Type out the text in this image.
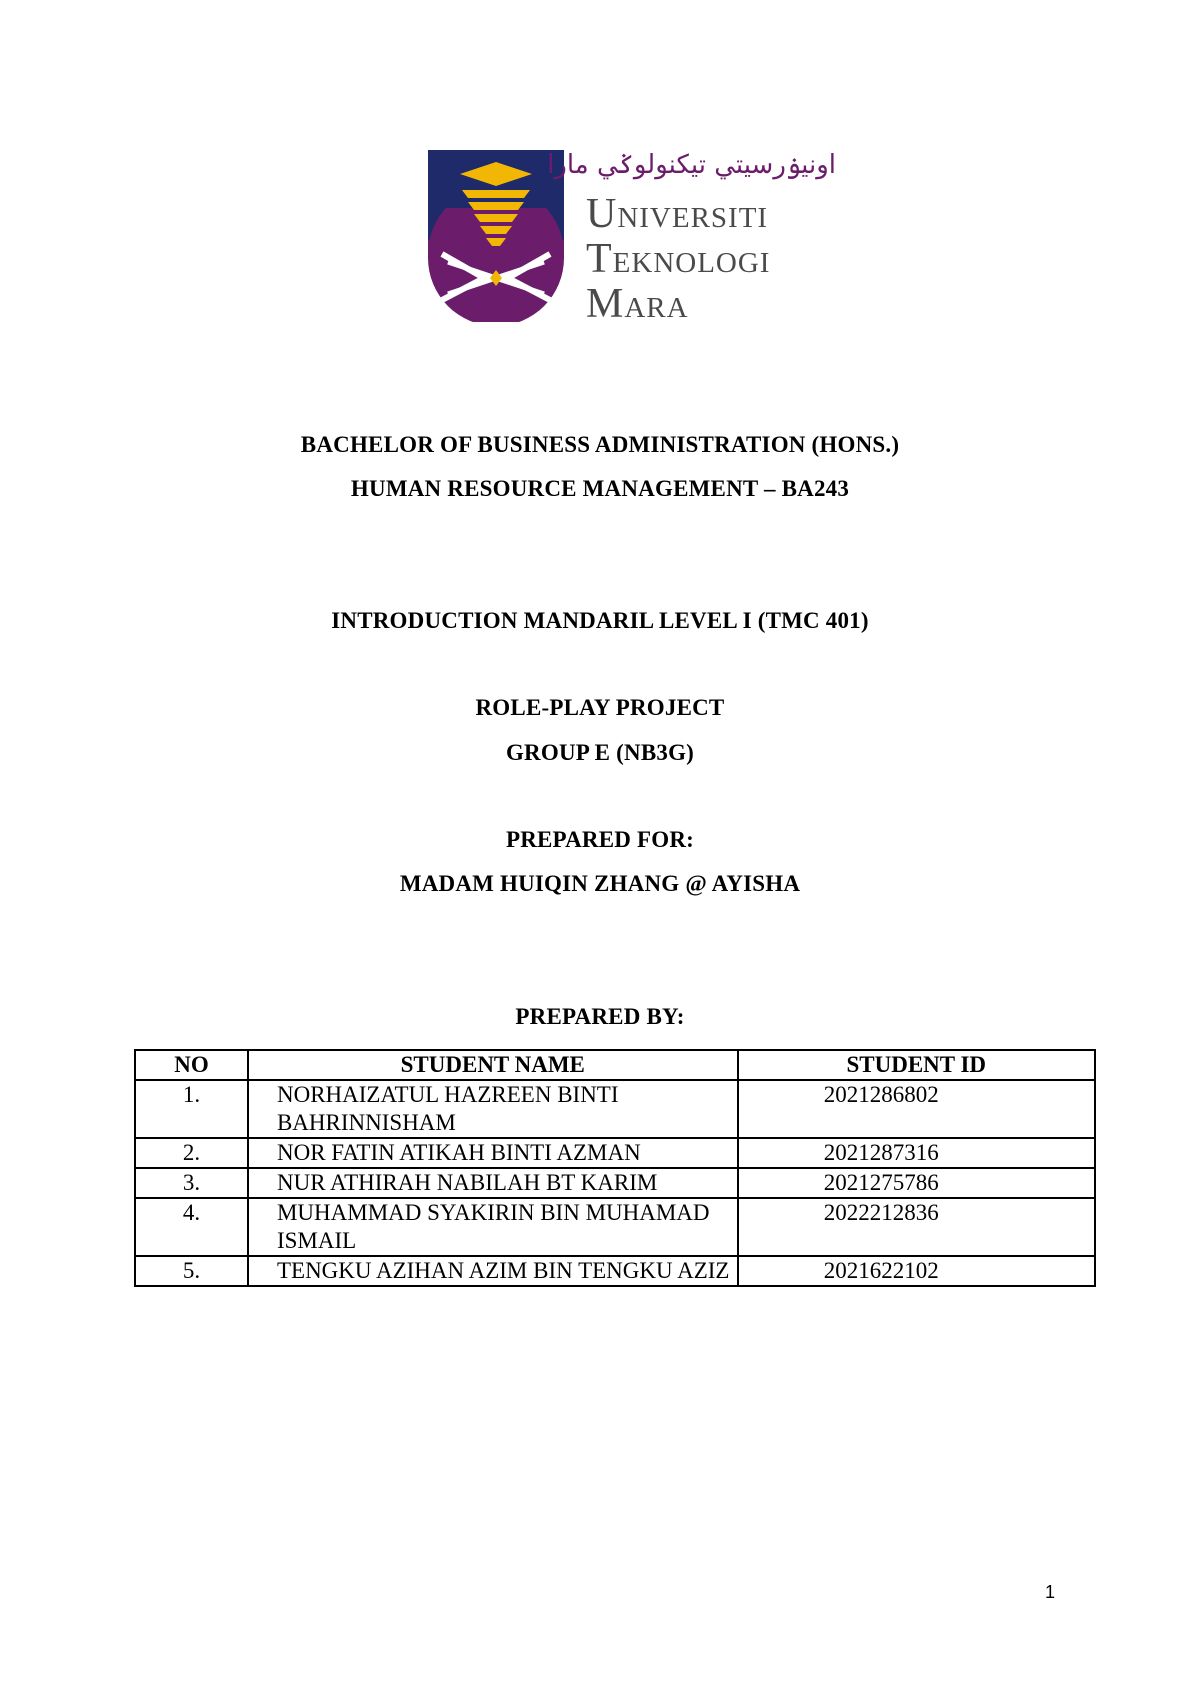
اونيۏرسيتي تيكنولوݢي مارا
Universiti
Teknologi
Mara
BACHELOR OF BUSINESS ADMINISTRATION (HONS.)
HUMAN RESOURCE MANAGEMENT – BA243
INTRODUCTION MANDARIL LEVEL I (TMC 401)
ROLE-PLAY PROJECT
GROUP E (NB3G)
PREPARED FOR:
MADAM HUIQIN ZHANG @ AYISHA
PREPARED BY:
NO	STUDENT NAME	STUDENT ID
1.	NORHAIZATUL HAZREEN BINTI BAHRINNISHAM	2021286802
2.	NOR FATIN ATIKAH BINTI AZMAN	2021287316
3.	NUR ATHIRAH NABILAH BT KARIM	2021275786
4.	MUHAMMAD SYAKIRIN BIN MUHAMAD ISMAIL	2022212836
5.	TENGKU AZIHAN AZIM BIN TENGKU AZIZ	2021622102
1
